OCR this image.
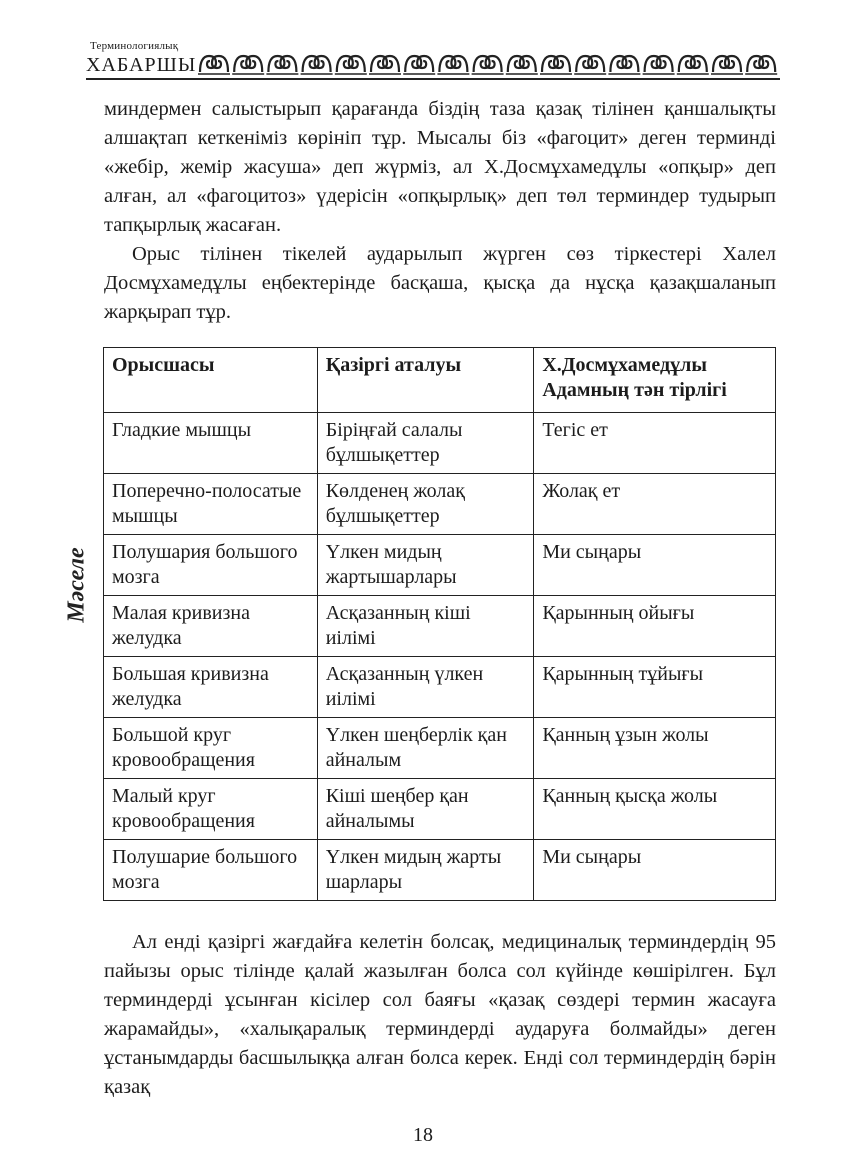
Терминологиялық
ХАБАРШЫ
Мәселе

миндермен салыстырып қарағанда біздің таза қазақ тілінен қаншалықты алшақтап кеткеніміз көрініп тұр. Мысалы біз «фагоцит» деген терминді «жебір, жемір жасуша» деп жүрміз, ал Х.Досмұхамедұлы «опқыр» деп алған, ал «фагоцитоз» үдерісін «опқырлық» деп төл терминдер тудырып тапқырлық жасаған.

Орыс тілінен тікелей аударылып жүрген сөз тіркестері Халел Досмұхамедұлы еңбектерінде басқаша, қысқа да нұсқа қазақшаланып жарқырап тұр.

Орысшасы	Қазіргі аталуы	Х.Досмұхамедұлы Адамның тән тірлігі
Гладкие мышцы	Біріңғай салалы бұлшықеттер	Тегіс ет
Поперечно-полосатые мышцы	Көлденең жолақ бұлшықеттер	Жолақ ет
Полушария большого мозга	Үлкен мидың жартышарлары	Ми сыңары
Малая кривизна желудка	Асқазанның кіші иілімі	Қарынның ойығы
Большая кривизна желудка	Асқазанның үлкен иілімі	Қарынның тұйығы
Большой круг кровообращения	Үлкен шеңберлік қан айналым	Қанның ұзын жолы
Малый круг кровообращения	Кіші шеңбер қан айналымы	Қанның қысқа жолы
Полушарие большого мозга	Үлкен мидың жарты шарлары	Ми сыңары

Ал енді қазіргі жағдайға келетін болсақ, медициналық терминдердің 95 пайызы орыс тілінде қалай жазылған болса сол күйінде көшірілген. Бұл терминдерді ұсынған кісілер сол баяғы «қазақ сөздері термин жасауға жарамайды», «халықаралық терминдерді аударуға болмайды» деген ұстанымдарды басшылыққа алған болса керек. Енді сол терминдердің бәрін қазақ

18
